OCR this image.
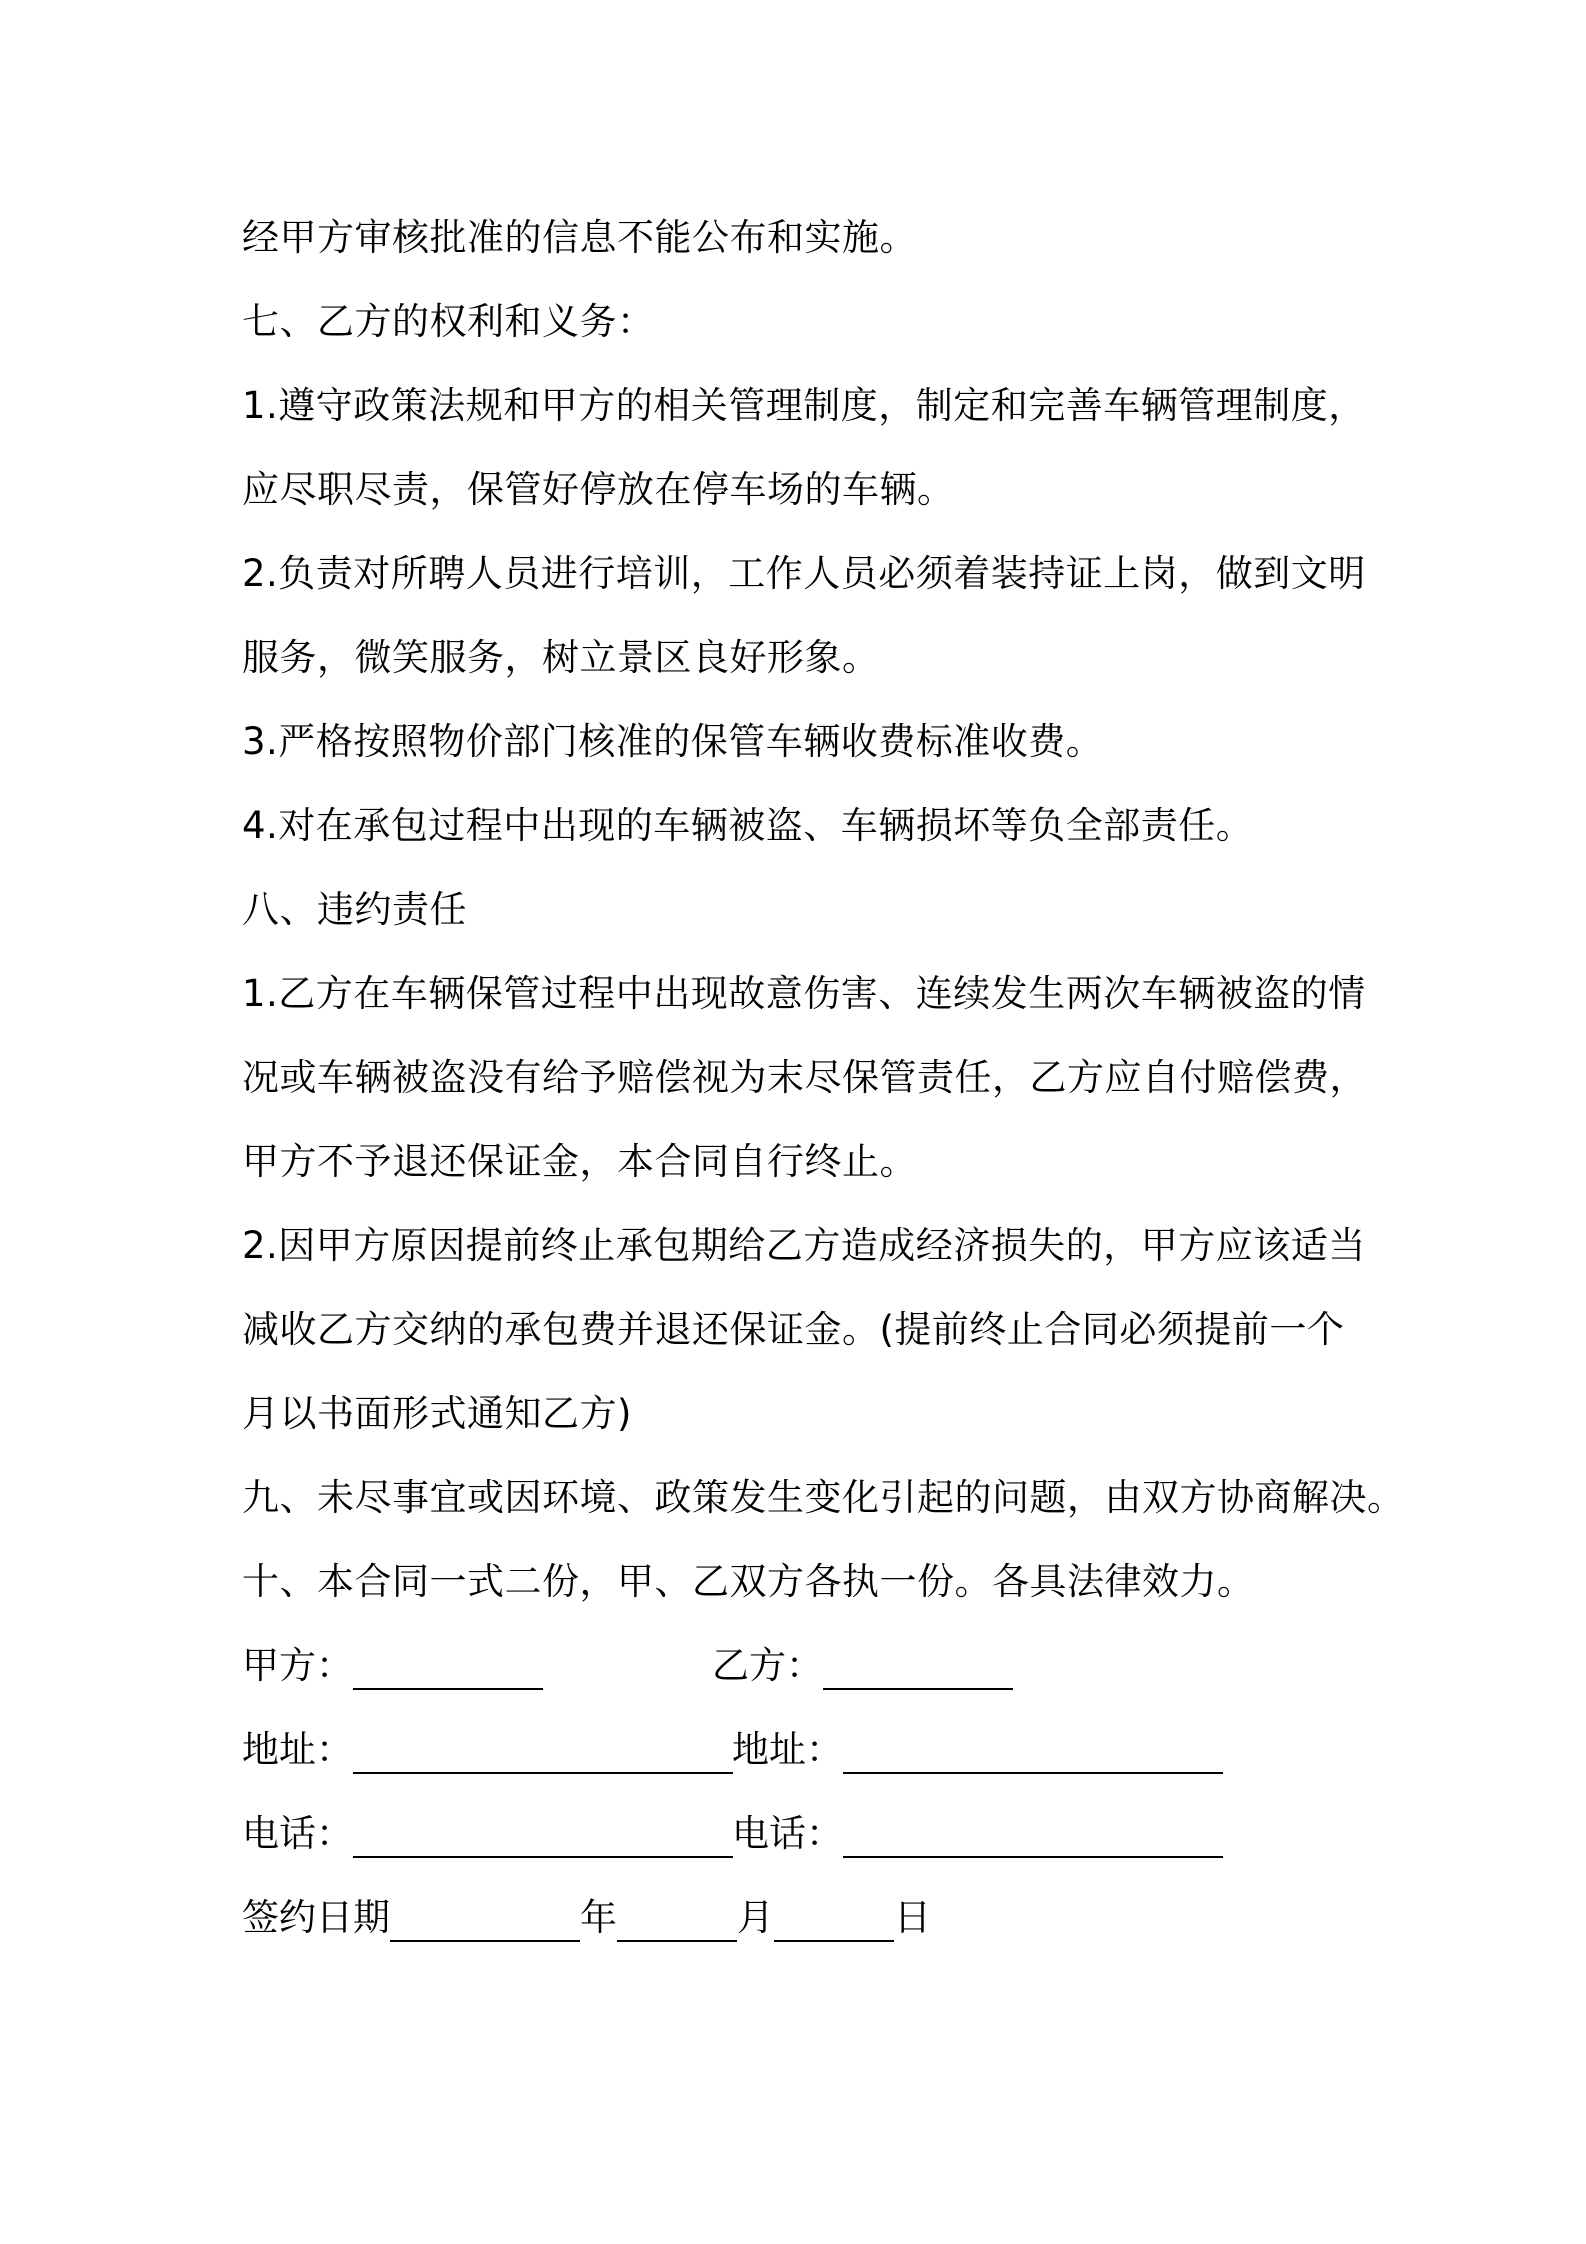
经甲方审核批准的信息不能公布和实施。
七、乙方的权利和义务：
1.遵守政策法规和甲方的相关管理制度，制定和完善车辆管理制度，
应尽职尽责，保管好停放在停车场的车辆。
2.负责对所聘人员进行培训，工作人员必须着装持证上岗，做到文明
服务，微笑服务，树立景区良好形象。
3.严格按照物价部门核准的保管车辆收费标准收费。
4.对在承包过程中出现的车辆被盗、车辆损坏等负全部责任。
八、违约责任
1.乙方在车辆保管过程中出现故意伤害、连续发生两次车辆被盗的情
况或车辆被盗没有给予赔偿视为末尽保管责任，乙方应自付赔偿费，
甲方不予退还保证金，本合同自行终止。
2.因甲方原因提前终止承包期给乙方造成经济损失的，甲方应该适当
减收乙方交纳的承包费并退还保证金。(提前终止合同必须提前一个
月以书面形式通知乙方)
九、未尽事宜或因环境、政策发生变化引起的问题，由双方协商解决。
十、本合同一式二份，甲、乙双方各执一份。各具法律效力。
甲方：	乙方：
地址：	地址：
电话：	电话：
签约日期	年	月	日
